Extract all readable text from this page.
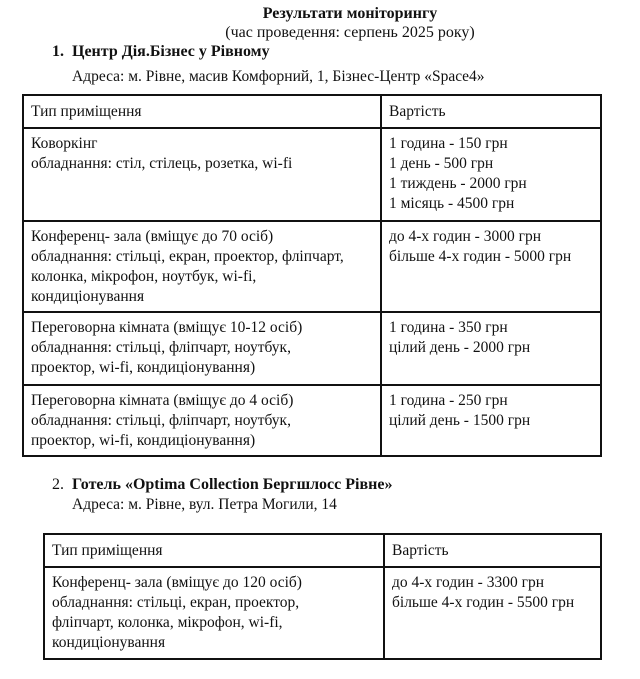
Результати моніторингу
(час проведення: серпень 2025 року)
1. Центр Дія.Бізнес у Рівному
Адреса: м. Рівне, масив Комфорний, 1, Бізнес-Центр «Space4»
Тип приміщення	Вартість

Коворкінг
обладнання: стіл, стілець, розетка, wi-fi	1 година - 150 грн
1 день - 500 грн
1 тиждень - 2000 грн
1 місяць - 4500 грн

Конференц- зала (вміщує до 70 осіб)
обладнання: стільці, екран, проектор, фліпчарт,
колонка, мікрофон, ноутбук, wi-fi,
кондиціонування	до 4-х годин - 3000 грн
більше 4-х годин - 5000 грн

Переговорна кімната (вміщує 10-12 осіб)
обладнання: стільці, фліпчарт, ноутбук,
проектор, wi-fi, кондиціонування)	1 година - 350 грн
цілий день - 2000 грн

Переговорна кімната (вміщує до 4 осіб)
обладнання: стільці, фліпчарт, ноутбук,
проектор, wi-fi, кондиціонування)	1 година - 250 грн
цілий день - 1500 грн
2. Готель «Optima Collection Бергшлосс Рівне»
Адреса: м. Рівне, вул. Петра Могили, 14
Тип приміщення	Вартість

Конференц- зала (вміщує до 120 осіб)
обладнання: стільці, екран, проектор,
фліпчарт, колонка, мікрофон, wi-fi,
кондиціонування	до 4-х годин - 3300 грн
більше 4-х годин - 5500 грн
